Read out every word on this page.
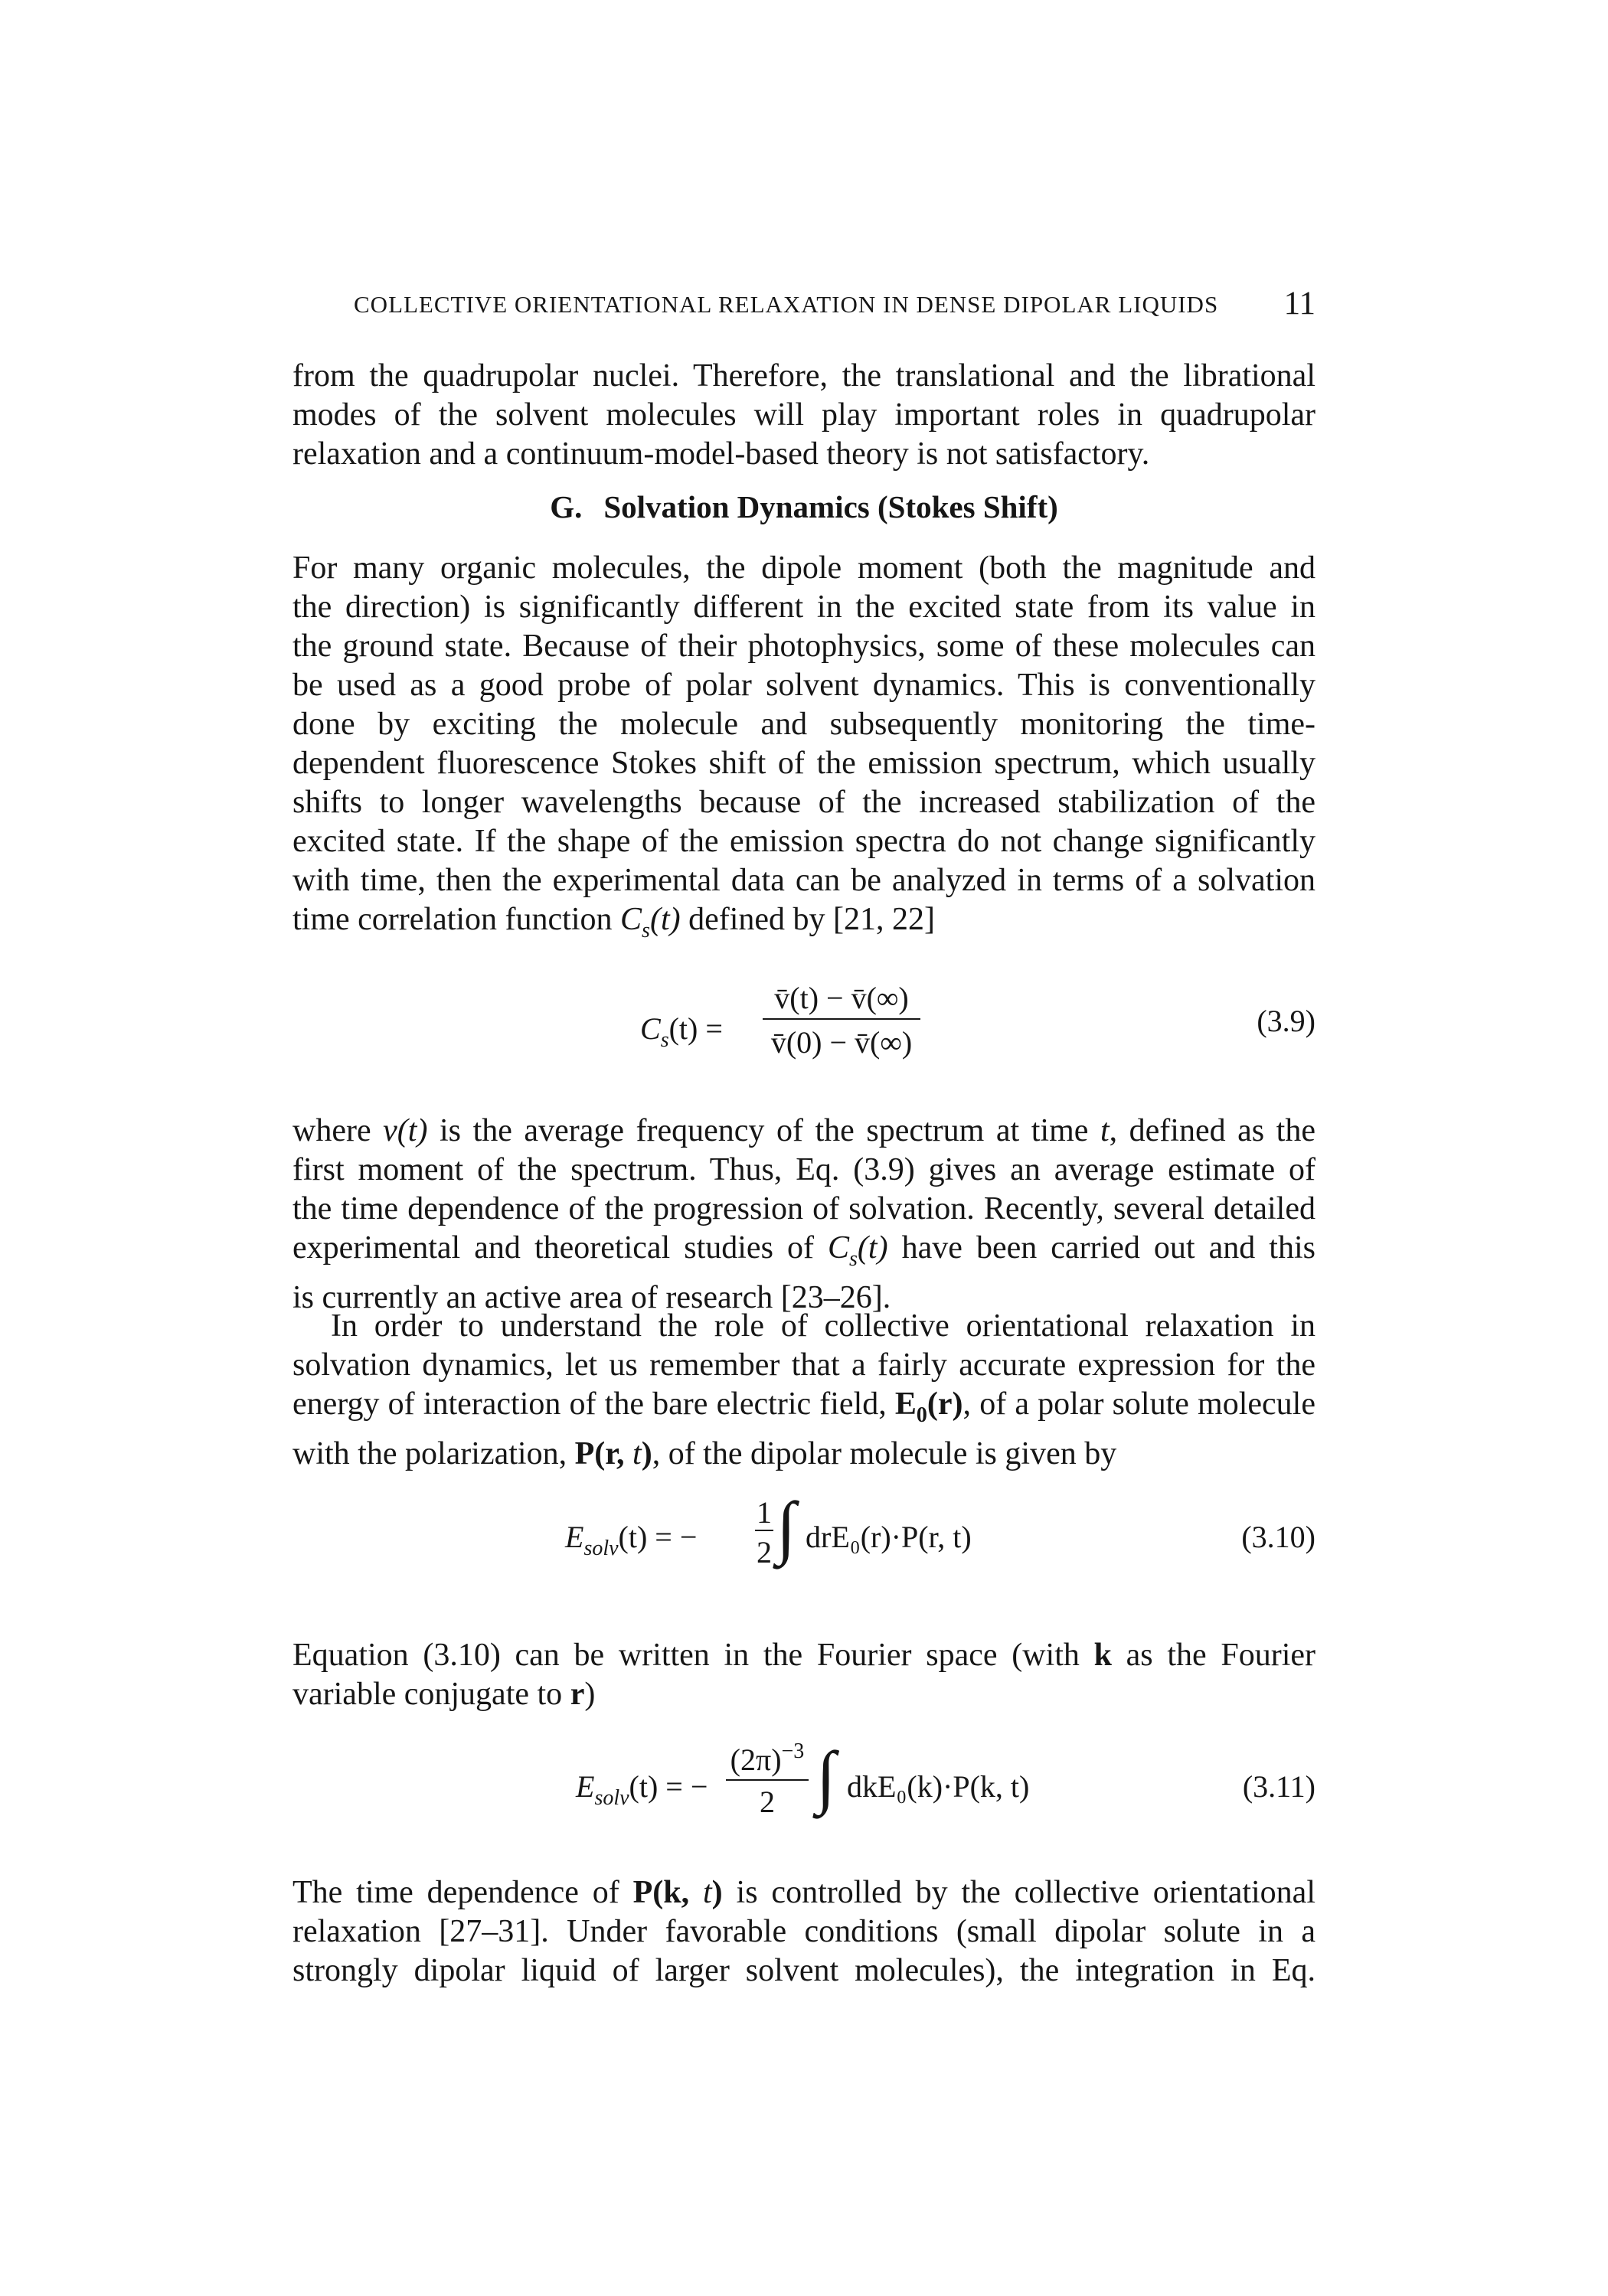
COLLECTIVE ORIENTATIONAL RELAXATION IN DENSE DIPOLAR LIQUIDS 11
from the quadrupolar nuclei. Therefore, the translational and the librational
modes of the solvent molecules will play important roles in quadrupolar
relaxation and a continuum-model-based theory is not satisfactory.
G. Solvation Dynamics (Stokes Shift)
For many organic molecules, the dipole moment (both the magnitude and
the direction) is significantly different in the excited state from its value in
the ground state. Because of their photophysics, some of these molecules can
be used as a good probe of polar solvent dynamics. This is conventionally
done by exciting the molecule and subsequently monitoring the time-
dependent fluorescence Stokes shift of the emission spectrum, which usually
shifts to longer wavelengths because of the increased stabilization of the
excited state. If the shape of the emission spectra do not change significantly
with time, then the experimental data can be analyzed in terms of a solvation
time correlation function $C_s(t)$ defined by [21, 22]
$C_s(t)$ =
v̄(t) − v̄(∞)
v̄(0) − v̄(∞)
(3.9)
where v(t) is the average frequency of the spectrum at time t, defined as the
first moment of the spectrum. Thus, Eq. (3.9) gives an average estimate of
the time dependence of the progression of solvation. Recently, several detailed
experimental and theoretical studies of $C_s(t)$ have been carried out and this
is currently an active area of research [23–26].
In order to understand the role of collective orientational relaxation in
solvation dynamics, let us remember that a fairly accurate expression for the
energy of interaction of the bare electric field, $E_0(r)$, of a polar solute molecule
with the polarization, P(r, t), of the dipolar molecule is given by
$E_{solv}(t)$ = −
1
2 ∫ drE₀(r)·P(r, t)	(3.10)
Equation (3.10) can be written in the Fourier space (with k as the Fourier
variable conjugate to r)
$E_{solv}(t)$ = −
$(2\pi)^{-3}$
2 ∫ dkE₀(k)·P(k, t)	(3.11)
The time dependence of P(k, t) is controlled by the collective orientational
relaxation [27–31]. Under favorable conditions (small dipolar solute in a
strongly dipolar liquid of larger solvent molecules), the integration in Eq.
